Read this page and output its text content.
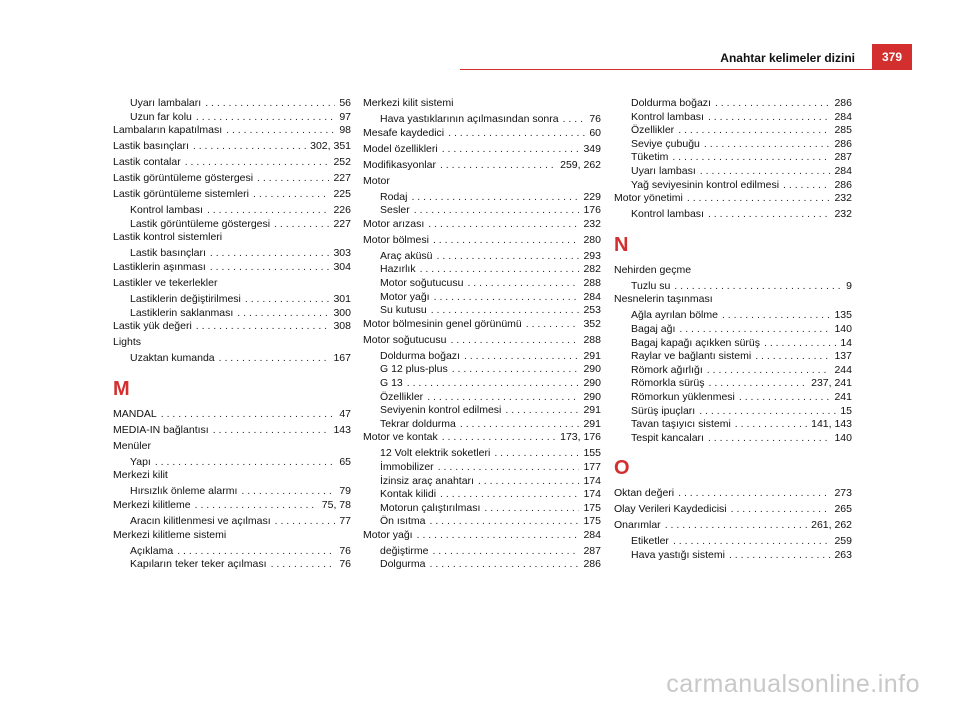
Anahtar kelimeler dizini 379
Uyarı lambaları . . .	56
Uzun far kolu . . .	97
Lambaların kapatılması . . .	98
Lastik basınçları . . .	302, 351
Lastik contalar . . .	252
Lastik görüntüleme göstergesi . . .	227
Lastik görüntüleme sistemleri . . .	225
Kontrol lambası . . .	226
Lastik görüntüleme göstergesi . . .	227
Lastik kontrol sistemleri
Lastik basınçları . . .	303
Lastiklerin aşınması . . .	304
Lastikler ve tekerlekler
Lastiklerin değiştirilmesi . . .	301
Lastiklerin saklanması . . .	300
Lastik yük değeri . . .	308
Lights
Uzaktan kumanda . . .	167
M
MANDAL . . .	47
MEDIA-IN bağlantısı . . .	143
Menüler
Yapı . . .	65
Merkezi kilit
Hırsızlık önleme alarmı . . .	79
Merkezi kilitleme . . .	75, 78
Aracın kilitlenmesi ve açılması . . .	77
Merkezi kilitleme sistemi
Açıklama . . .	76
Kapıların teker teker açılması . . .	76
Merkezi kilit sistemi
Hava yastıklarının açılmasından sonra . . .	76
Mesafe kaydedici . . .	60
Model özellikleri . . .	349
Modifikasyonlar . . .	259, 262
Motor
Rodaj . . .	229
Sesler . . .	176
Motor arızası . . .	232
Motor bölmesi . . .	280
Araç aküsü . . .	293
Hazırlık . . .	282
Motor soğutucusu . . .	288
Motor yağı . . .	284
Su kutusu . . .	253
Motor bölmesinin genel görünümü . . .	352
Motor soğutucusu . . .	288
Doldurma boğazı . . .	291
G 12 plus-plus . . .	290
G 13 . . .	290
Özellikler . . .	290
Seviyenin kontrol edilmesi . . .	291
Tekrar doldurma . . .	291
Motor ve kontak . . .	173, 176
12 Volt elektrik soketleri . . .	155
İmmobilizer . . .	177
İzinsiz araç anahtarı . . .	174
Kontak kilidi . . .	174
Motorun çalıştırılması . . .	175
Ön ısıtma . . .	175
Motor yağı . . .	284
değiştirme . . .	287
Dolgurma . . .	286
Doldurma boğazı . . .	286
Kontrol lambası . . .	284
Özellikler . . .	285
Seviye çubuğu . . .	286
Tüketim . . .	287
Uyarı lambası . . .	284
Yağ seviyesinin kontrol edilmesi . . .	286
Motor yönetimi . . .	232
Kontrol lambası . . .	232
N
Nehirden geçme
Tuzlu su . . .	9
Nesnelerin taşınması
Ağla ayrılan bölme . . .	135
Bagaj ağı . . .	140
Bagaj kapağı açıkken sürüş . . .	14
Raylar ve bağlantı sistemi . . .	137
Römork ağırlığı . . .	244
Römorkla sürüş . . .	237, 241
Römorkun yüklenmesi . . .	241
Sürüş ipuçları . . .	15
Tavan taşıyıcı sistemi . . .	141, 143
Tespit kancaları . . .	140
O
Oktan değeri . . .	273
Olay Verileri Kaydedicisi . . .	265
Onarımlar . . .	261, 262
Etiketler . . .	259
Hava yastığı sistemi . . .	263
carmanualsonline.info
